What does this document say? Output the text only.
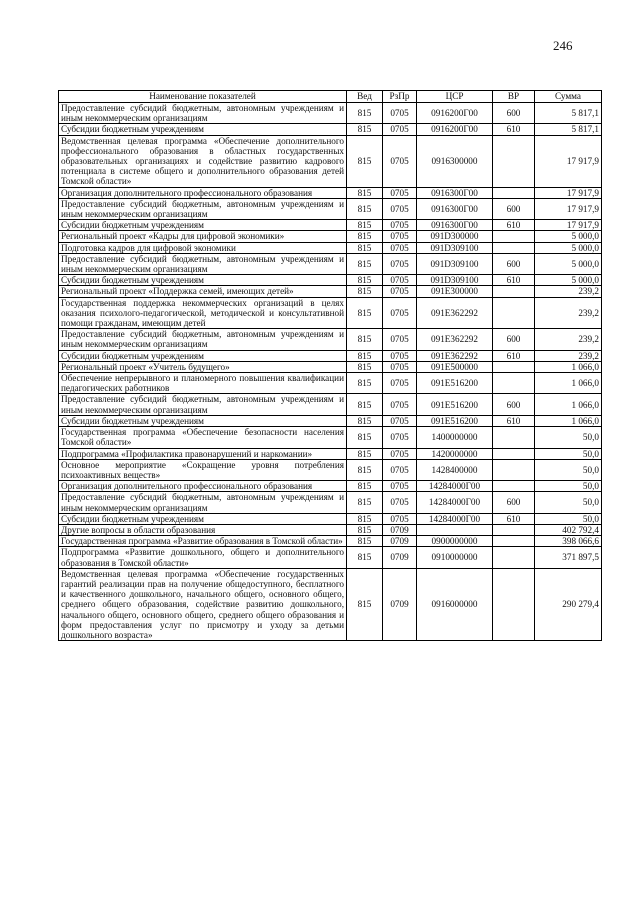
246
Наименование показателей	Вед	РзПр	ЦСР	ВР	Сумма
Предоставление субсидий бюджетным, автономным учреждениям и иным некоммерческим организациям	815	0705	0916200Г00	600	5 817,1
Субсидии бюджетным учреждениям	815	0705	0916200Г00	610	5 817,1
Ведомственная целевая программа «Обеспечение дополнительного профессионального образования в областных государственных образовательных организациях и содействие развитию кадрового потенциала в системе общего и дополнительного образования детей Томской области»	815	0705	0916300000		17 917,9
Организация дополнительного профессионального образования	815	0705	0916300Г00		17 917,9
Предоставление субсидий бюджетным, автономным учреждениям и иным некоммерческим организациям	815	0705	0916300Г00	600	17 917,9
Субсидии бюджетным учреждениям	815	0705	0916300Г00	610	17 917,9
Региональный проект «Кадры для цифровой экономики»	815	0705	091D300000		5 000,0
Подготовка кадров для цифровой экономики	815	0705	091D309100		5 000,0
Предоставление субсидий бюджетным, автономным учреждениям и иным некоммерческим организациям	815	0705	091D309100	600	5 000,0
Субсидии бюджетным учреждениям	815	0705	091D309100	610	5 000,0
Региональный проект «Поддержка семей, имеющих детей»	815	0705	091E300000		239,2
Государственная поддержка некоммерческих организаций в целях оказания психолого-педагогической, методической и консультативной помощи гражданам, имеющим детей	815	0705	091E362292		239,2
Предоставление субсидий бюджетным, автономным учреждениям и иным некоммерческим организациям	815	0705	091E362292	600	239,2
Субсидии бюджетным учреждениям	815	0705	091E362292	610	239,2
Региональный проект «Учитель будущего»	815	0705	091E500000		1 066,0
Обеспечение непрерывного и планомерного повышения квалификации педагогических работников	815	0705	091E516200		1 066,0
Предоставление субсидий бюджетным, автономным учреждениям и иным некоммерческим организациям	815	0705	091E516200	600	1 066,0
Субсидии бюджетным учреждениям	815	0705	091E516200	610	1 066,0
Государственная программа «Обеспечение безопасности населения Томской области»	815	0705	1400000000		50,0
Подпрограмма «Профилактика правонарушений и наркомании»	815	0705	1420000000		50,0
Основное мероприятие «Сокращение уровня потребления психоактивных веществ»	815	0705	1428400000		50,0
Организация дополнительного профессионального образования	815	0705	14284000Г00		50,0
Предоставление субсидий бюджетным, автономным учреждениям и иным некоммерческим организациям	815	0705	14284000Г00	600	50,0
Субсидии бюджетным учреждениям	815	0705	14284000Г00	610	50,0
Другие вопросы в области образования	815	0709			402 792,4
Государственная программа «Развитие образования в Томской области»	815	0709	0900000000		398 066,6
Подпрограмма «Развитие дошкольного, общего и дополнительного образования в Томской области»	815	0709	0910000000		371 897,5
Ведомственная целевая программа «Обеспечение государственных гарантий реализации прав на получение общедоступного, бесплатного и качественного дошкольного, начального общего, основного общего, среднего общего образования, содействие развитию дошкольного, начального общего, основного общего, среднего общего образования и форм предоставления услуг по присмотру и уходу за детьми дошкольного возраста»	815	0709	0916000000		290 279,4
